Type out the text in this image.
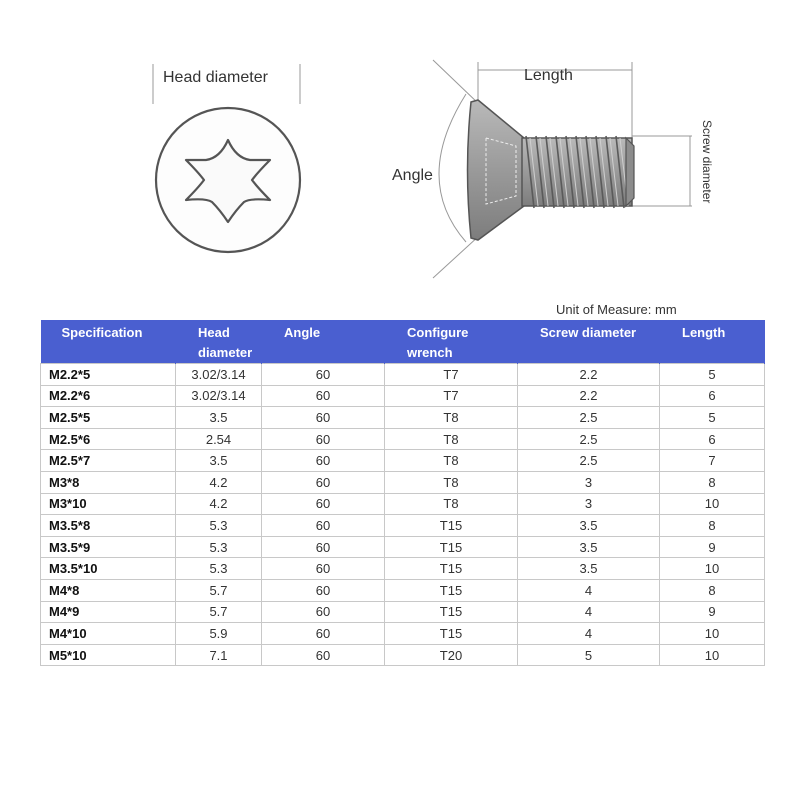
Head diameter	Length
Screw diameter
Angle
Unit of Measure: mm
Specification	Head diameter	Angle	Configure wrench	Screw diameter	Length
M2.2*5	3.02/3.14	60	T7	2.2	5
M2.2*6	3.02/3.14	60	T7	2.2	6
M2.5*5	3.5	60	T8	2.5	5
M2.5*6	2.54	60	T8	2.5	6
M2.5*7	3.5	60	T8	2.5	7
M3*8	4.2	60	T8	3	8
M3*10	4.2	60	T8	3	10
M3.5*8	5.3	60	T15	3.5	8
M3.5*9	5.3	60	T15	3.5	9
M3.5*10	5.3	60	T15	3.5	10
M4*8	5.7	60	T15	4	8
M4*9	5.7	60	T15	4	9
M4*10	5.9	60	T15	4	10
M5*10	7.1	60	T20	5	10
